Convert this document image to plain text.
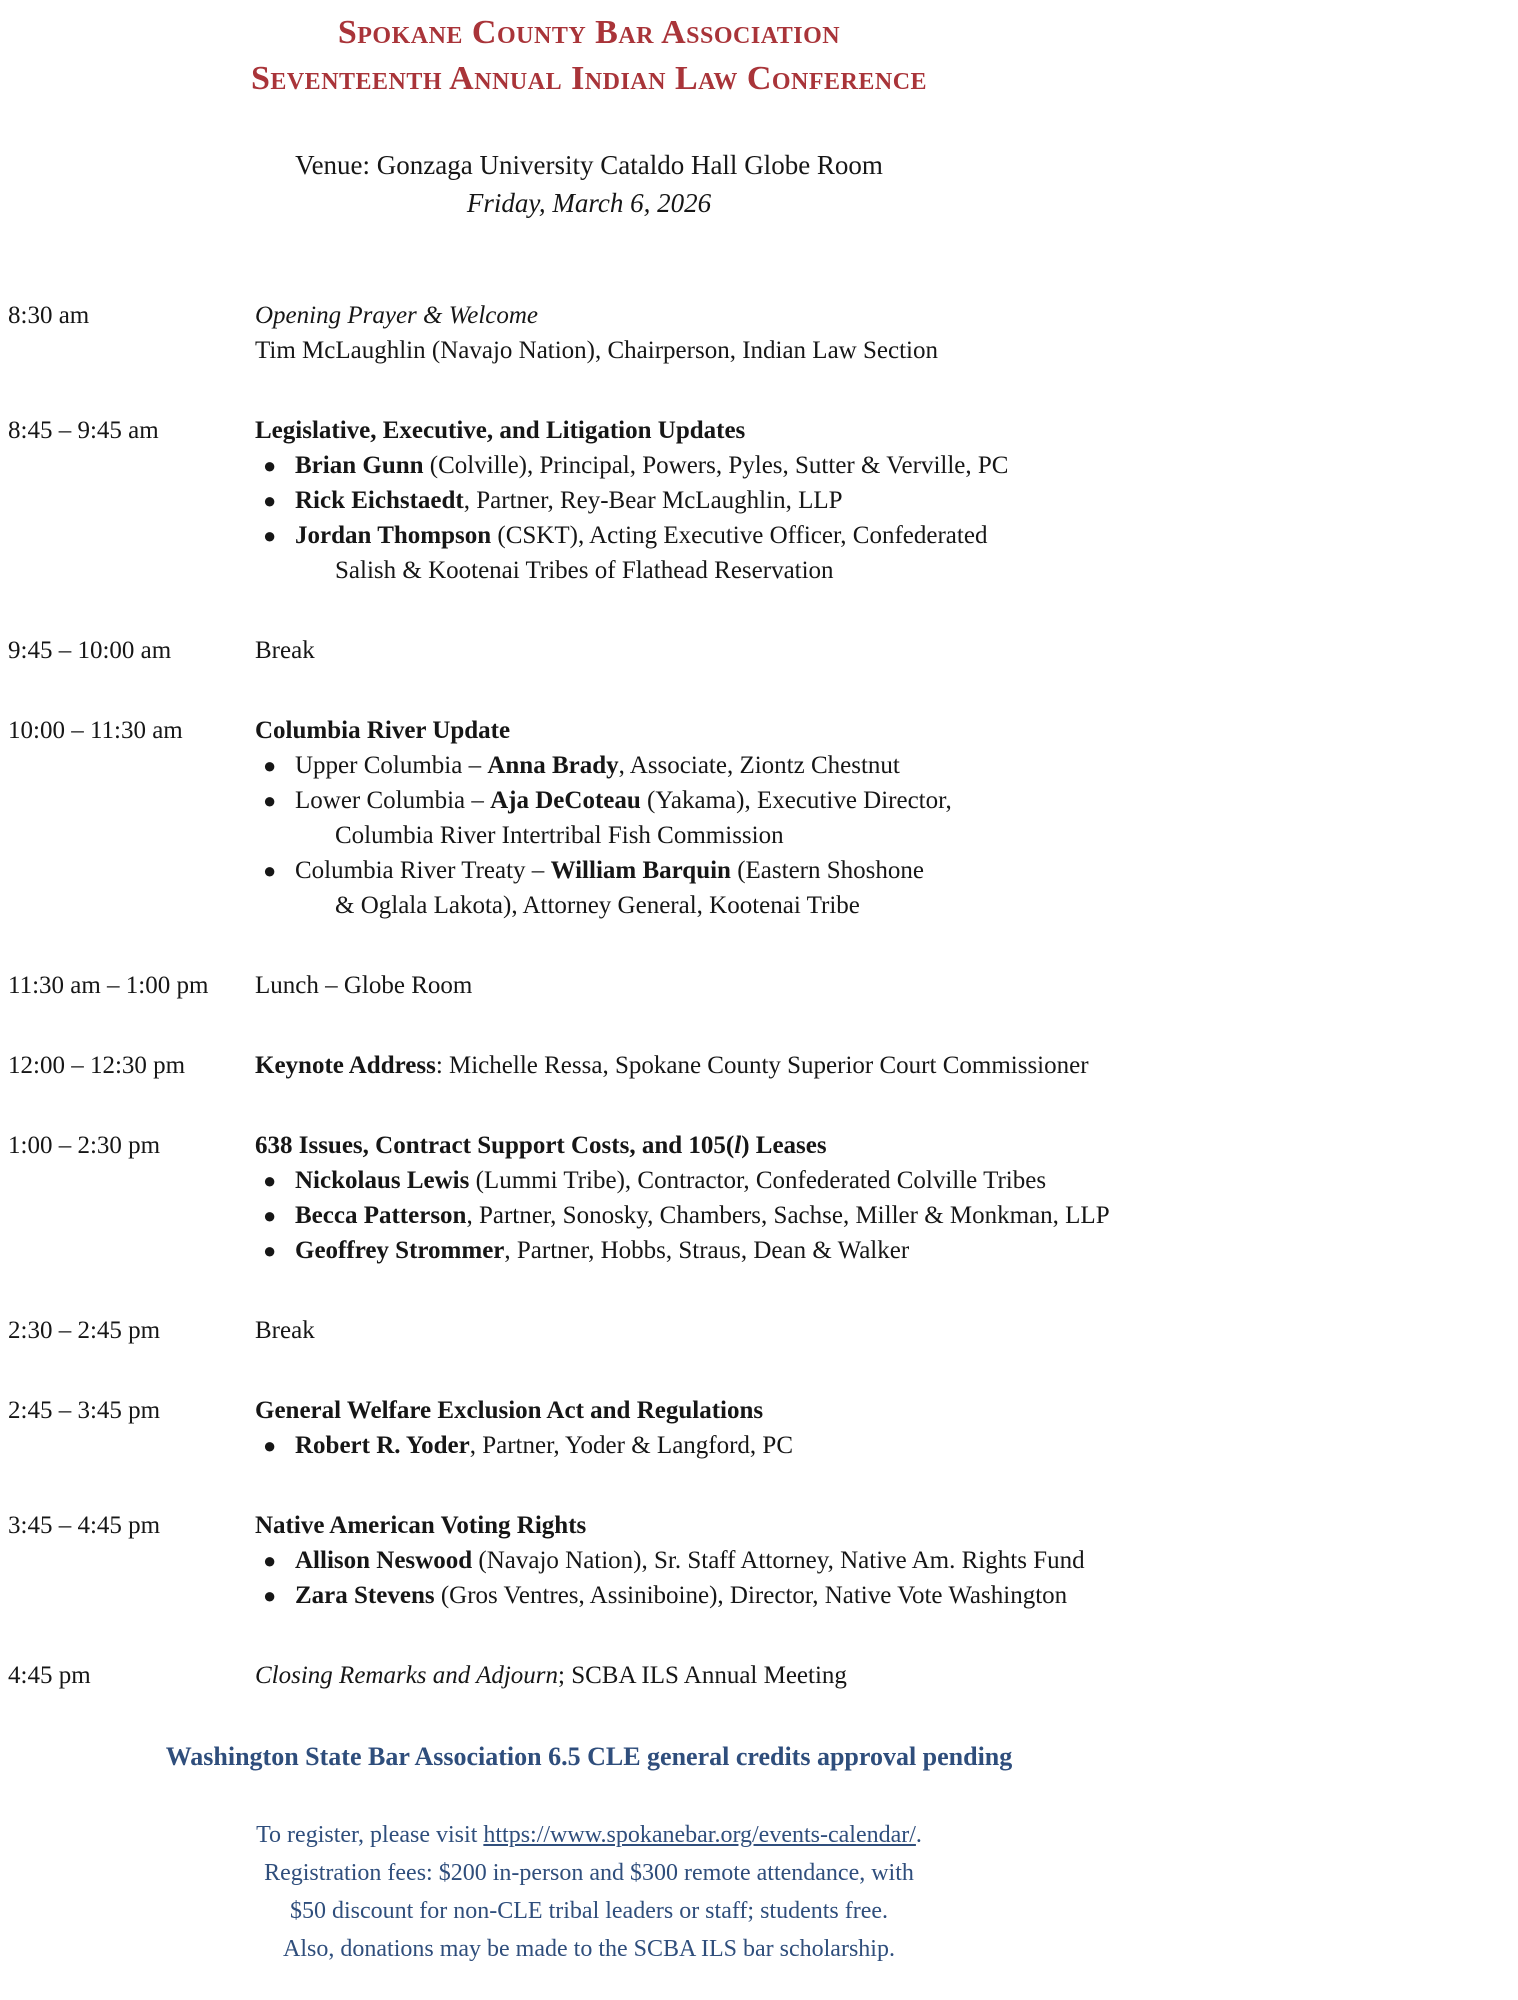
Spokane County Bar Association
Seventeenth Annual Indian Law Conference
Venue: Gonzaga University Cataldo Hall Globe Room
Friday, March 6, 2026
8:30 am	Opening Prayer & Welcome
Tim McLaughlin (Navajo Nation), Chairperson, Indian Law Section
8:45 – 9:45 am	Legislative, Executive, and Litigation Updates
● Brian Gunn (Colville), Principal, Powers, Pyles, Sutter & Verville, PC
● Rick Eichstaedt, Partner, Rey-Bear McLaughlin, LLP
● Jordan Thompson (CSKT), Acting Executive Officer, Confederated
Salish & Kootenai Tribes of Flathead Reservation
9:45 – 10:00 am	Break
10:00 – 11:30 am	Columbia River Update
● Upper Columbia – Anna Brady, Associate, Ziontz Chestnut
● Lower Columbia – Aja DeCoteau (Yakama), Executive Director,
Columbia River Intertribal Fish Commission
● Columbia River Treaty – William Barquin (Eastern Shoshone
& Oglala Lakota), Attorney General, Kootenai Tribe
11:30 am – 1:00 pm	Lunch – Globe Room
12:00 – 12:30 pm	Keynote Address: Michelle Ressa, Spokane County Superior Court Commissioner
1:00 – 2:30 pm	638 Issues, Contract Support Costs, and 105(l) Leases
● Nickolaus Lewis (Lummi Tribe), Contractor, Confederated Colville Tribes
● Becca Patterson, Partner, Sonosky, Chambers, Sachse, Miller & Monkman, LLP
● Geoffrey Strommer, Partner, Hobbs, Straus, Dean & Walker
2:30 – 2:45 pm	Break
2:45 – 3:45 pm	General Welfare Exclusion Act and Regulations
● Robert R. Yoder, Partner, Yoder & Langford, PC
3:45 – 4:45 pm	Native American Voting Rights
● Allison Neswood (Navajo Nation), Sr. Staff Attorney, Native Am. Rights Fund
● Zara Stevens (Gros Ventres, Assiniboine), Director, Native Vote Washington
4:45 pm	Closing Remarks and Adjourn; SCBA ILS Annual Meeting
Washington State Bar Association 6.5 CLE general credits approval pending
To register, please visit https://www.spokanebar.org/events-calendar/.
Registration fees: $200 in-person and $300 remote attendance, with
$50 discount for non-CLE tribal leaders or staff; students free.
Also, donations may be made to the SCBA ILS bar scholarship.
